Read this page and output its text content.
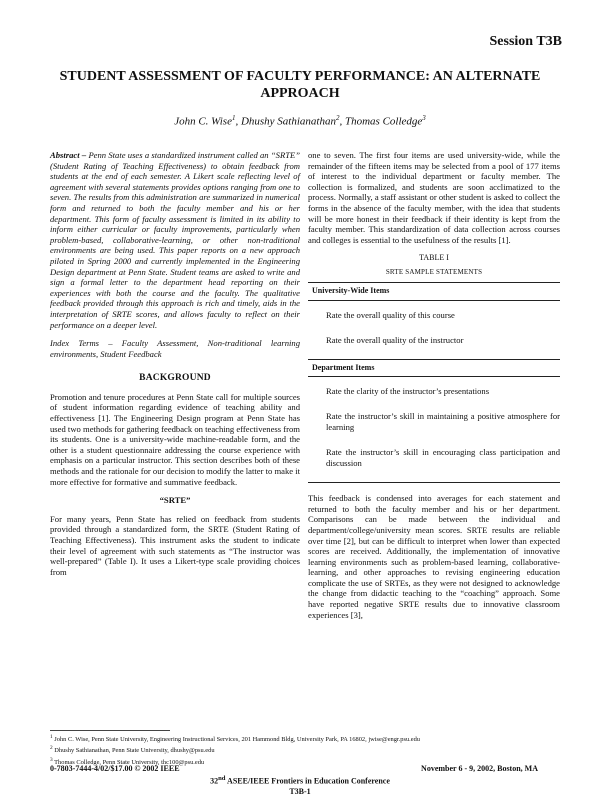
Session T3B
STUDENT ASSESSMENT OF FACULTY PERFORMANCE: AN ALTERNATE APPROACH
John C. Wise$^1$, Dhushy Sathianathan$^2$, Thomas Colledge$^3$

Abstract – Penn State uses a standardized instrument called an “SRTE” (Student Rating of Teaching Effectiveness) to obtain feedback from students at the end of each semester. A Likert scale reflecting level of agreement with several statements provides options ranging from one to seven. The results from this administration are summarized in numerical form and returned to both the faculty member and his or her department. This form of faculty assessment is limited in its ability to inform either curricular or faculty improvements, particularly when problem-based, collaborative-learning, or other non-traditional environments are being used. This paper reports on a new approach piloted in Spring 2000 and currently implemented in the Engineering Design department at Penn State. Student teams are asked to write and sign a formal letter to the department head reporting on their experiences with both the course and the faculty. The qualitative feedback provided through this approach is rich and timely, aids in the interpretation of SRTE scores, and allows faculty to reflect on their performance on a deeper level.

Index Terms – Faculty Assessment, Non-traditional learning environments, Student Feedback

BACKGROUND

Promotion and tenure procedures at Penn State call for multiple sources of student information regarding evidence of teaching ability and effectiveness [1]. The Engineering Design program at Penn State has used two methods for gathering feedback on teaching effectiveness from its students. One is a university-wide machine-readable form, and the other is a student questionnaire addressing the course experience with emphasis on a particular instructor. This section describes both of these methods and the rationale for our decision to modify the latter to make it more effective for formative and summative feedback.

“SRTE”

For many years, Penn State has relied on feedback from students provided through a standardized form, the SRTE (Student Rating of Teaching Effectiveness). This instrument asks the student to indicate their level of agreement with such statements as “The instructor was well-prepared” (Table I). It uses a Likert-type scale providing choices from

one to seven. The first four items are used university-wide, while the remainder of the fifteen items may be selected from a pool of 177 items of interest to the individual department or faculty member. The collection is formalized, and students are soon acclimatized to the process. Normally, a staff assistant or other student is asked to collect the forms in the absence of the faculty member, with the idea that students will be more honest in their feedback if their identity is kept from the faculty member. This standardization of data collection across courses and colleges is essential to the usefulness of the results [1].

TABLE I
SRTE SAMPLE STATEMENTS
University-Wide Items
Rate the overall quality of this course
Rate the overall quality of the instructor

Department Items
Rate the clarity of the instructor’s presentations
Rate the instructor’s skill in maintaining a positive atmosphere for learning
Rate the instructor’s skill in encouraging class participation and discussion

This feedback is condensed into averages for each statement and returned to both the faculty member and his or her department. Comparisons can be made between the individual and department/college/university mean scores. SRTE results are reliable over time [2], but can be difficult to interpret when lower than expected scores are received. Additionally, the implementation of innovative learning environments such as problem-based learning, collaborative-learning, and other approaches to revising engineering education complicate the use of SRTEs, as they were not designed to acknowledge the change from didactic teaching to the “coaching” approach. Some have reported negative SRTE results due to innovative classroom experiences [3],

$^1$ John C. Wise, Penn State University, Engineering Instructional Services, 201 Hammond Bldg, University Park, PA 16802, jwise@engr.psu.edu
$^2$ Dhushy Sathianathan, Penn State University, dhushy@psu.edu
$^3$ Thomas Colledge, Penn State University, thc100@psu.edu
0-7803-7444-4/02/$17.00 © 2002 IEEE	November 6 - 9, 2002, Boston, MA
32nd ASEE/IEEE Frontiers in Education Conference
T3B-1
